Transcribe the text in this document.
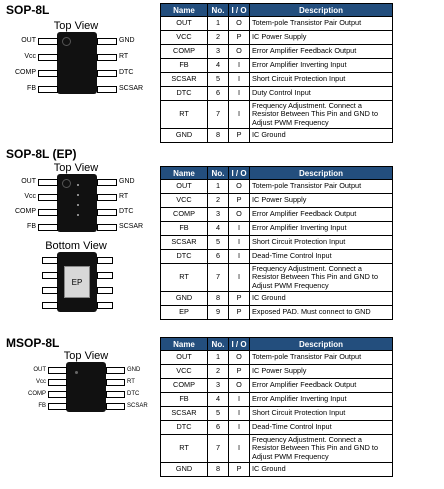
SOP-8L
Top View
OUT	GND
Vcc	RT
COMP	DTC
FB	SCSAR
Name	No.	I / O	Description
OUT	1	O	Totem-pole Transistor Pair Output
VCC	2	P	IC Power Supply
COMP	3	O	Error Amplifier Feedback Output
FB	4	I	Error Amplifier Inverting Input
SCSAR	5	I	Short Circuit Protection Input
DTC	6	I	Duty Control Input
RT	7	I	Frequency Adjustment. Connect a Resistor Between This Pin and GND to Adjust PWM Frequency
GND	8	P	IC Ground
SOP-8L (EP)
Top View
OUT	GND
Vcc	RT
COMP	DTC
FB	SCSAR
Bottom View
EP
Name	No.	I / O	Description
OUT	1	O	Totem-pole Transistor Pair Output
VCC	2	P	IC Power Supply
COMP	3	O	Error Amplifier Feedback Output
FB	4	I	Error Amplifier Inverting Input
SCSAR	5	I	Short Circuit Protection Input
DTC	6	I	Dead-Time Control Input
RT	7	I	Frequency Adjustment. Connect a Resistor Between This Pin and GND to Adjust PWM Frequency
GND	8	P	IC Ground
EP	9	P	Exposed PAD. Must connect to GND
MSOP-8L
Top View
OUT	GND
Vcc	RT
COMP	DTC
FB	SCSAR
Name	No.	I / O	Description
OUT	1	O	Totem-pole Transistor Pair Output
VCC	2	P	IC Power Supply
COMP	3	O	Error Amplifier Feedback Output
FB	4	I	Error Amplifier Inverting Input
SCSAR	5	I	Short Circuit Protection Input
DTC	6	I	Dead-Time Control Input
RT	7	I	Frequency Adjustment. Connect a Resistor Between This Pin and GND to Adjust PWM Frequency
GND	8	P	IC Ground
